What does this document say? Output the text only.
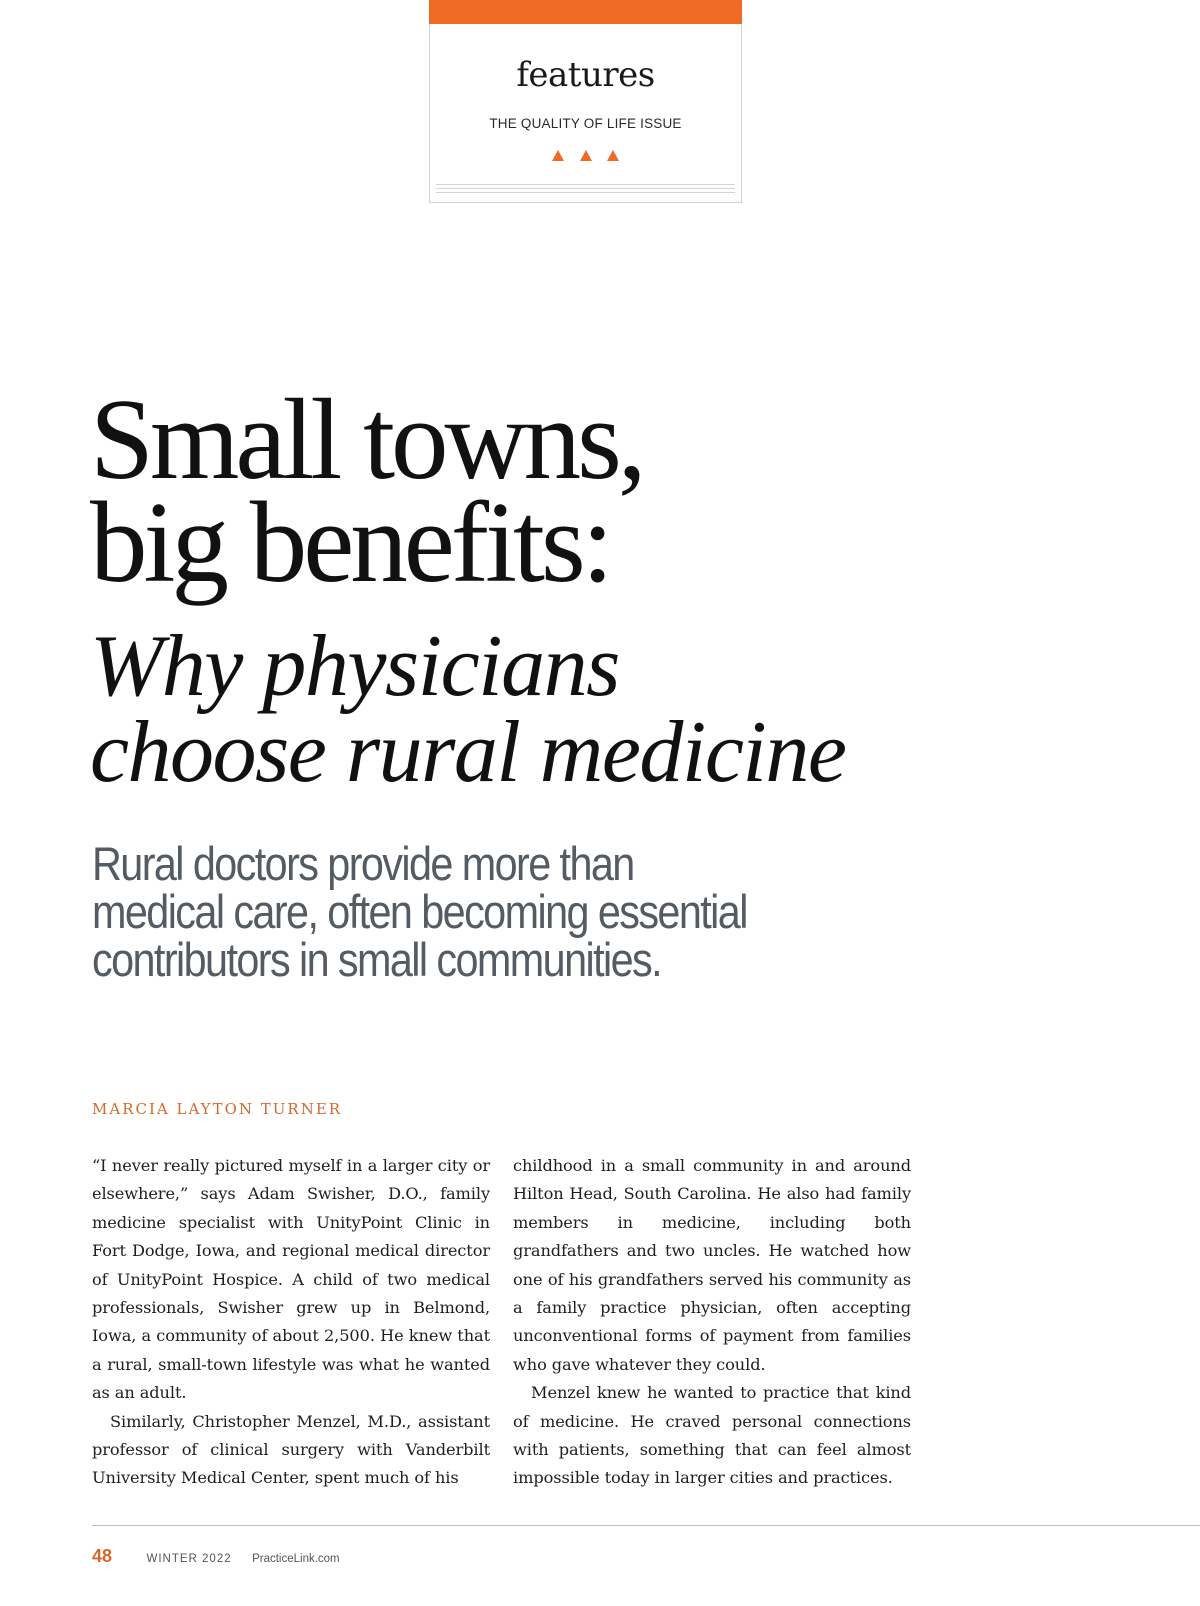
features
THE QUALITY OF LIFE ISSUE

Small towns,
big benefits:
Why physicians
choose rural medicine

Rural doctors provide more than
medical care, often becoming essential
contributors in small communities.

MARCIA LAYTON TURNER

“I never really pictured myself in a larger city or elsewhere,” says Adam Swisher, D.O., family medicine specialist with UnityPoint Clinic in Fort Dodge, Iowa, and regional medical director of UnityPoint Hospice. A child of two medical professionals, Swisher grew up in Belmond, Iowa, a community of about 2,500. He knew that a rural, small-town lifestyle was what he wanted as an adult.

Similarly, Christopher Menzel, M.D., assistant professor of clinical surgery with Vanderbilt University Medical Center, spent much of his

childhood in a small community in and around Hilton Head, South Carolina. He also had family members in medicine, including both grandfathers and two uncles. He watched how one of his grandfathers served his community as a family practice physician, often accepting unconventional forms of payment from families who gave whatever they could.

Menzel knew he wanted to practice that kind of medicine. He craved personal connections with patients, something that can feel almost impossible today in larger cities and practices.

48	WINTER 2022 PracticeLink.com
